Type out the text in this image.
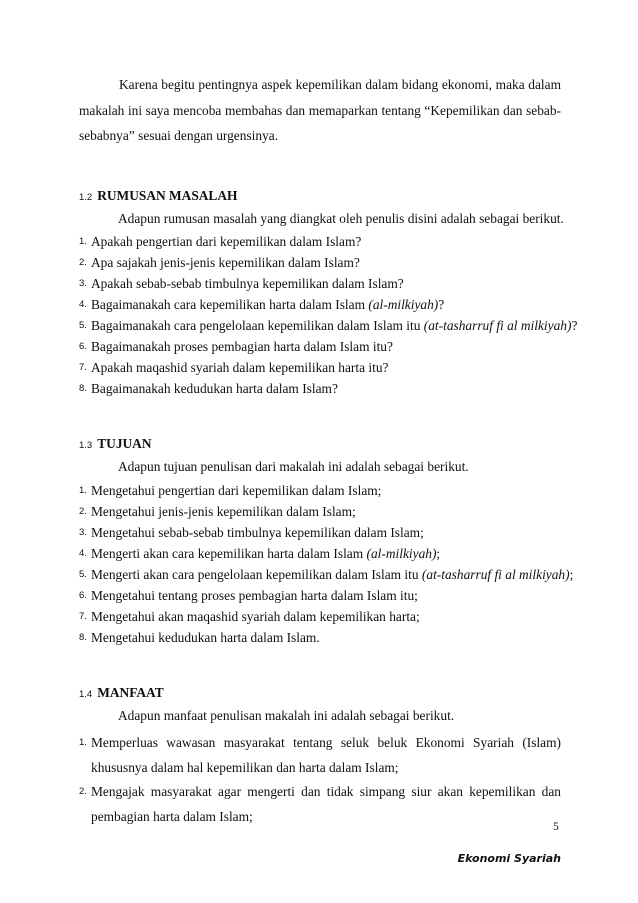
Karena begitu pentingnya aspek kepemilikan dalam bidang ekonomi, maka dalam makalah ini saya mencoba membahas dan memaparkan tentang “Kepemilikan dan sebab-sebabnya” sesuai dengan urgensinya.

1.2 RUMUSAN MASALAH

Adapun rumusan masalah yang diangkat oleh penulis disini adalah sebagai berikut.

1. Apakah pengertian dari kepemilikan dalam Islam?
2. Apa sajakah jenis-jenis kepemilikan dalam Islam?
3. Apakah sebab-sebab timbulnya kepemilikan dalam Islam?
4. Bagaimanakah cara kepemilikan harta dalam Islam (al-milkiyah)?
5. Bagaimanakah cara pengelolaan kepemilikan dalam Islam itu (at-tasharruf fi al milkiyah)?
6. Bagaimanakah proses pembagian harta dalam Islam itu?
7. Apakah maqashid syariah dalam kepemilikan harta itu?
8. Bagaimanakah kedudukan harta dalam Islam?
1.3 TUJUAN

Adapun tujuan penulisan dari makalah ini adalah sebagai berikut.

1. Mengetahui pengertian dari kepemilikan dalam Islam;
2. Mengetahui jenis-jenis kepemilikan dalam Islam;
3. Mengetahui sebab-sebab timbulnya kepemilikan dalam Islam;
4. Mengerti akan cara kepemilikan harta dalam Islam (al-milkiyah);
5. Mengerti akan cara pengelolaan kepemilikan dalam Islam itu (at-tasharruf fi al milkiyah);
6. Mengetahui tentang proses pembagian harta dalam Islam itu;
7. Mengetahui akan maqashid syariah dalam kepemilikan harta;
8. Mengetahui kedudukan harta dalam Islam.
1.4 MANFAAT

Adapun manfaat penulisan makalah ini adalah sebagai berikut.

1. Memperluas wawasan masyarakat tentang seluk beluk Ekonomi Syariah (Islam) khususnya dalam hal kepemilikan dan harta dalam Islam;
2. Mengajak masyarakat agar mengerti dan tidak simpang siur akan kepemilikan dan pembagian harta dalam Islam;
5
Ekonomi Syariah
